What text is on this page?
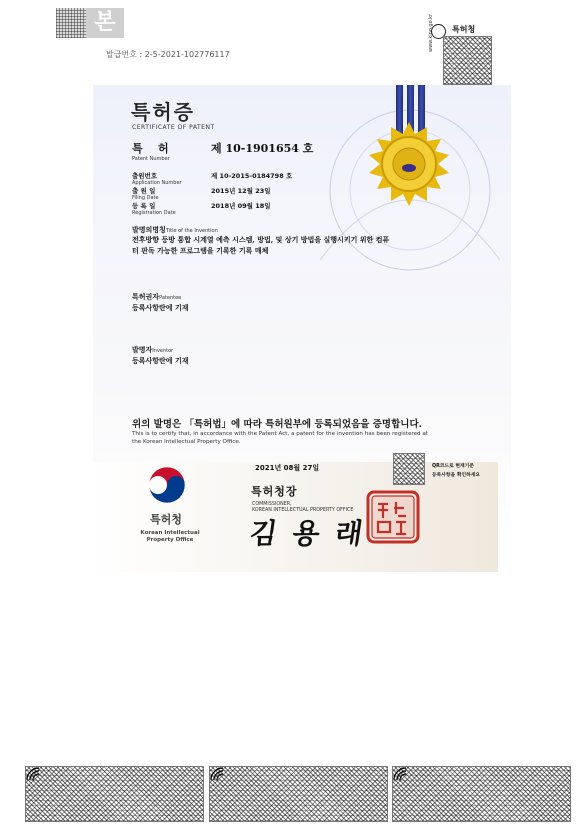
본
발급번호 : 2-5-2021-102776117
특허청
www.kipo.go.kr
특허증
CERTIFICATE OF PATENT
특    허	제 10-1901654 호
Patent Number
출원번호
Application Number
제 10-2015-0184798 호
출 원 일
Filing Date
2015년 12월 23일
등 록 일
Registration Date
2018년 09월 18일
발명의명칭Title of the Invention
전후방향 등방 통합 시계열 예측 시스템, 방법, 및 상기 방법을 실행시키기 위한 컴퓨
터 판독 가능한 프로그램을 기록한 기록 매체
특허권자Patentee
등록사항란에 기재
발명자Inventor
등록사항란에 기재
위의 발명은 「특허법」에 따라 특허원부에 등록되었음을 증명합니다.
This is to certify that, in accordance with the Patent Act, a patent for the invention has been registered at
the Korean Intellectual Property Office.
특허청
Korean Intellectual
Property Office
2021년 08월 27일	QR코드로 현재기준
등록사항을 확인하세요
특허청장
COMMISSIONER,
KOREAN INTELLECTUAL PROPERTY OFFICE
김 용 래
